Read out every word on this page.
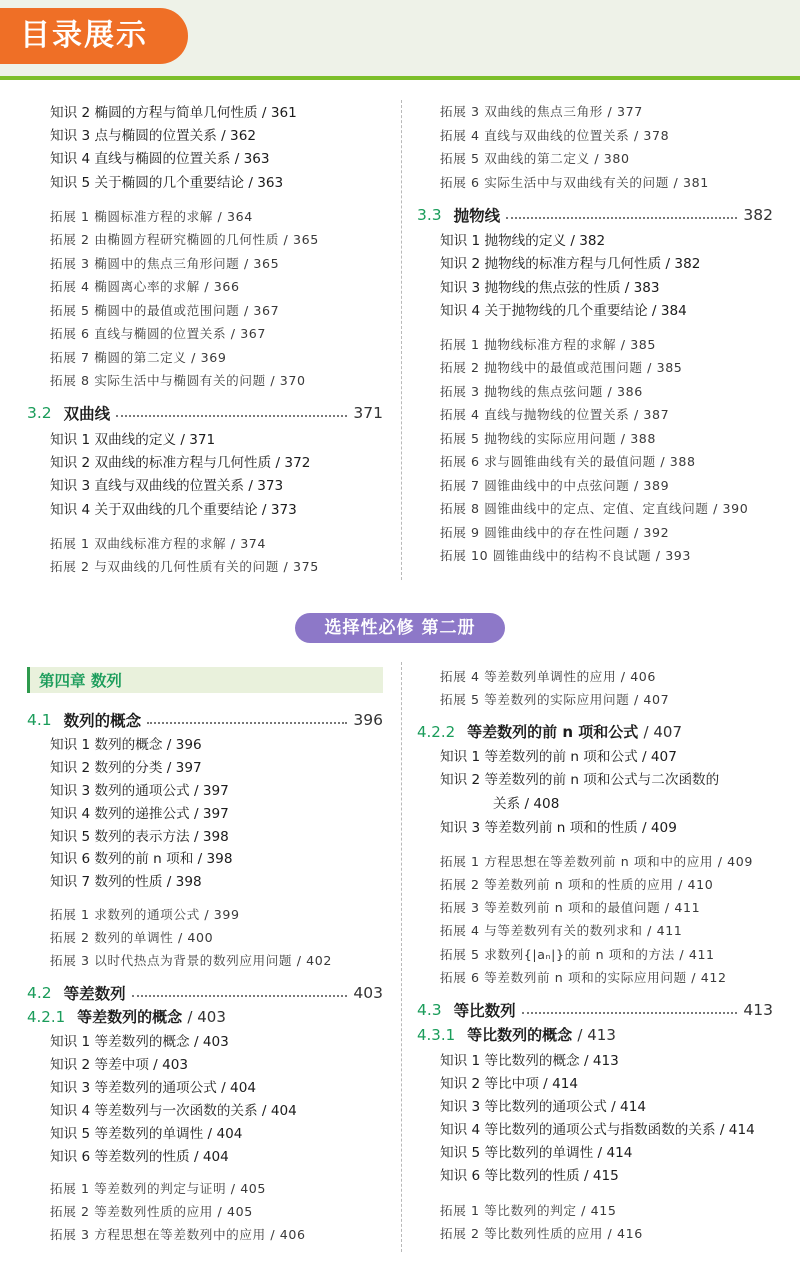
目录展示
知识 2 椭圆的方程与简单几何性质 / 361
知识 3 点与椭圆的位置关系 / 362
知识 4 直线与椭圆的位置关系 / 363
知识 5 关于椭圆的几个重要结论 / 363
拓展 1 椭圆标准方程的求解 / 364
拓展 2 由椭圆方程研究椭圆的几何性质 / 365
拓展 3 椭圆中的焦点三角形问题 / 365
拓展 4 椭圆离心率的求解 / 366
拓展 5 椭圆中的最值或范围问题 / 367
拓展 6 直线与椭圆的位置关系 / 367
拓展 7 椭圆的第二定义 / 369
拓展 8 实际生活中与椭圆有关的问题 / 370
3.2 双曲线	371
知识 1 双曲线的定义 / 371
知识 2 双曲线的标准方程与几何性质 / 372
知识 3 直线与双曲线的位置关系 / 373
知识 4 关于双曲线的几个重要结论 / 373
拓展 1 双曲线标准方程的求解 / 374
拓展 2 与双曲线的几何性质有关的问题 / 375
拓展 3 双曲线的焦点三角形 / 377
拓展 4 直线与双曲线的位置关系 / 378
拓展 5 双曲线的第二定义 / 380
拓展 6 实际生活中与双曲线有关的问题 / 381
3.3 抛物线	382
知识 1 抛物线的定义 / 382
知识 2 抛物线的标准方程与几何性质 / 382
知识 3 抛物线的焦点弦的性质 / 383
知识 4 关于抛物线的几个重要结论 / 384
拓展 1 抛物线标准方程的求解 / 385
拓展 2 抛物线中的最值或范围问题 / 385
拓展 3 抛物线的焦点弦问题 / 386
拓展 4 直线与抛物线的位置关系 / 387
拓展 5 抛物线的实际应用问题 / 388
拓展 6 求与圆锥曲线有关的最值问题 / 388
拓展 7 圆锥曲线中的中点弦问题 / 389
拓展 8 圆锥曲线中的定点、定值、定直线问题 / 390
拓展 9 圆锥曲线中的存在性问题 / 392
拓展 10 圆锥曲线中的结构不良试题 / 393
选择性必修 第二册
第四章 数列
4.1 数列的概念	396
知识 1 数列的概念 / 396
知识 2 数列的分类 / 397
知识 3 数列的通项公式 / 397
知识 4 数列的递推公式 / 397
知识 5 数列的表示方法 / 398
知识 6 数列的前 n 项和 / 398
知识 7 数列的性质 / 398
拓展 1 求数列的通项公式 / 399
拓展 2 数列的单调性 / 400
拓展 3 以时代热点为背景的数列应用问题 / 402
4.2 等差数列	403
4.2.1 等差数列的概念 / 403
知识 1 等差数列的概念 / 403
知识 2 等差中项 / 403
知识 3 等差数列的通项公式 / 404
知识 4 等差数列与一次函数的关系 / 404
知识 5 等差数列的单调性 / 404
知识 6 等差数列的性质 / 404
拓展 1 等差数列的判定与证明 / 405
拓展 2 等差数列性质的应用 / 405
拓展 3 方程思想在等差数列中的应用 / 406
拓展 4 等差数列单调性的应用 / 406
拓展 5 等差数列的实际应用问题 / 407
4.2.2 等差数列的前 n 项和公式 / 407
知识 1 等差数列的前 n 项和公式 / 407
知识 2 等差数列的前 n 项和公式与二次函数的
关系 / 408
知识 3 等差数列前 n 项和的性质 / 409
拓展 1 方程思想在等差数列前 n 项和中的应用 / 409
拓展 2 等差数列前 n 项和的性质的应用 / 410
拓展 3 等差数列前 n 项和的最值问题 / 411
拓展 4 与等差数列有关的数列求和 / 411
拓展 5 求数列{|aₙ|}的前 n 项和的方法 / 411
拓展 6 等差数列前 n 项和的实际应用问题 / 412
4.3 等比数列	413
4.3.1 等比数列的概念 / 413
知识 1 等比数列的概念 / 413
知识 2 等比中项 / 414
知识 3 等比数列的通项公式 / 414
知识 4 等比数列的通项公式与指数函数的关系 / 414
知识 5 等比数列的单调性 / 414
知识 6 等比数列的性质 / 415
拓展 1 等比数列的判定 / 415
拓展 2 等比数列性质的应用 / 416
